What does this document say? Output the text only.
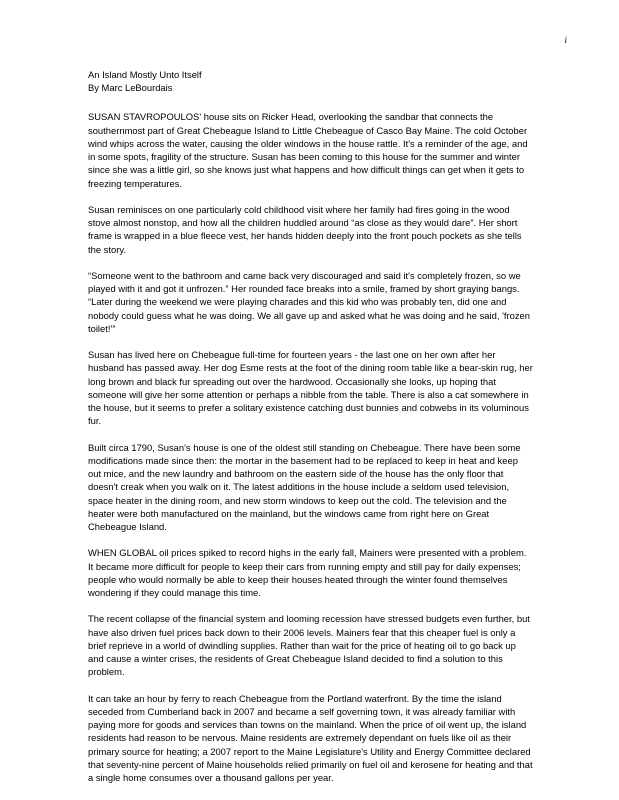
i
An Island Mostly Unto Itself
By Marc LeBourdais

SUSAN STAVROPOULOS' house sits on Ricker Head, overlooking the sandbar that connects the southernmost part of Great Chebeague Island to Little Chebeague of Casco Bay Maine. The cold October wind whips across the water, causing the older windows in the house rattle. It's a reminder of the age, and in some spots, fragility of the structure. Susan has been coming to this house for the summer and winter since she was a little girl, so she knows just what happens and how difficult things can get when it gets to freezing temperatures.

Susan reminisces on one particularly cold childhood visit where her family had fires going in the wood stove almost nonstop, and how all the children huddled around “as close as they would dare”. Her short frame is wrapped in a blue fleece vest, her hands hidden deeply into the front pouch pockets as she tells the story.

“Someone went to the bathroom and came back very discouraged and said it's completely frozen, so we played with it and got it unfrozen.” Her rounded face breaks into a smile, framed by short graying bangs. “Later during the weekend we were playing charades and this kid who was probably ten, did one and nobody could guess what he was doing. We all gave up and asked what he was doing and he said, 'frozen toilet!'”

Susan has lived here on Chebeague full-time for fourteen years - the last one on her own after her husband has passed away. Her dog Esme rests at the foot of the dining room table like a bear-skin rug, her long brown and black fur spreading out over the hardwood. Occasionally she looks, up hoping that someone will give her some attention or perhaps a nibble from the table. There is also a cat somewhere in the house, but it seems to prefer a solitary existence catching dust bunnies and cobwebs in its voluminous fur.

Built circa 1790, Susan's house is one of the oldest still standing on Chebeague. There have been some modifications made since then: the mortar in the basement had to be replaced to keep in heat and keep out mice, and the new laundry and bathroom on the eastern side of the house has the only floor that doesn't creak when you walk on it. The latest additions in the house include a seldom used television, space heater in the dining room, and new storm windows to keep out the cold. The television and the heater were both manufactured on the mainland, but the windows came from right here on Great Chebeague Island.

WHEN GLOBAL oil prices spiked to record highs in the early fall, Mainers were presented with a problem. It became more difficult for people to keep their cars from running empty and still pay for daily expenses; people who would normally be able to keep their houses heated through the winter found themselves wondering if they could manage this time.

The recent collapse of the financial system and looming recession have stressed budgets even further, but have also driven fuel prices back down to their 2006 levels. Mainers fear that this cheaper fuel is only a brief reprieve in a world of dwindling supplies. Rather than wait for the price of heating oil to go back up and cause a winter crises, the residents of Great Chebeague Island decided to find a solution to this problem.

It can take an hour by ferry to reach Chebeague from the Portland waterfront. By the time the island seceded from Cumberland back in 2007 and became a self governing town, it was already familiar with paying more for goods and services than towns on the mainland. When the price of oil went up, the island residents had reason to be nervous. Maine residents are extremely dependant on fuels like oil as their primary source for heating; a 2007 report to the Maine Legislature's Utility and Energy Committee declared that seventy-nine percent of Maine households relied primarily on fuel oil and kerosene for heating and that a single home consumes over a thousand gallons per year.
